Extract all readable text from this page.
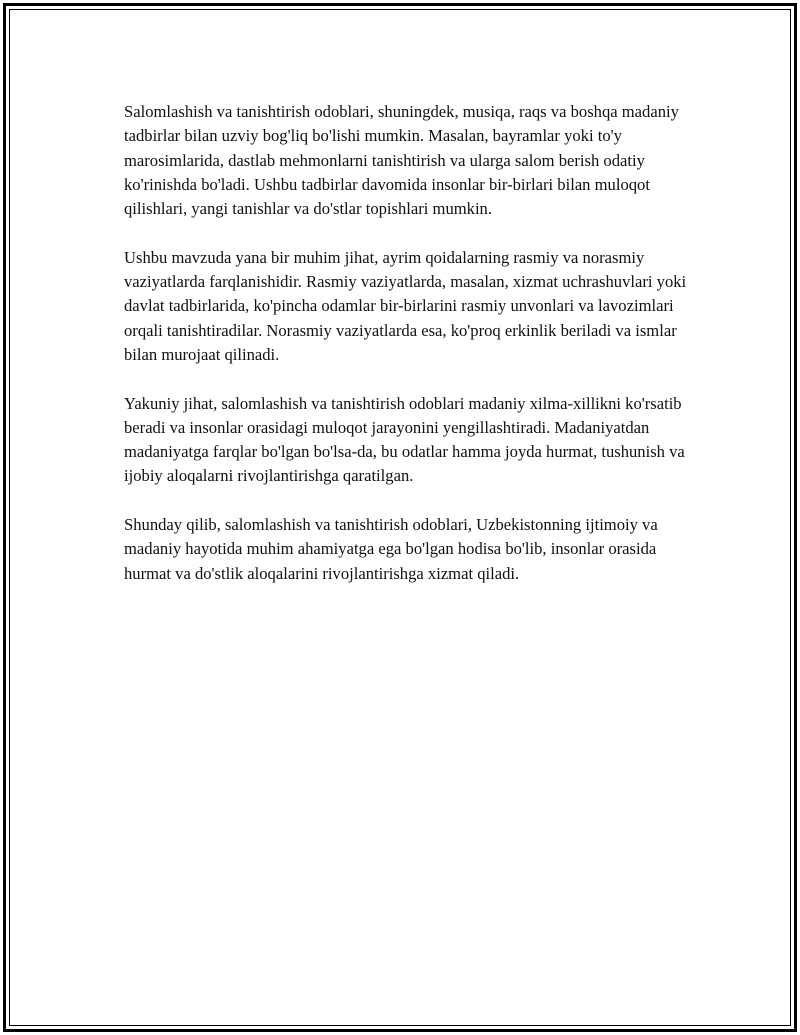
Salomlashish va tanishtirish odoblari, shuningdek, musiqa, raqs va boshqa madaniy tadbirlar bilan uzviy bog'liq bo'lishi mumkin. Masalan, bayramlar yoki to'y marosimlarida, dastlab mehmonlarni tanishtirish va ularga salom berish odatiy ko'rinishda bo'ladi. Ushbu tadbirlar davomida insonlar bir-birlari bilan muloqot qilishlari, yangi tanishlar va do'stlar topishlari mumkin.

Ushbu mavzuda yana bir muhim jihat, ayrim qoidalarning rasmiy va norasmiy vaziyatlarda farqlanishidir. Rasmiy vaziyatlarda, masalan, xizmat uchrashuvlari yoki davlat tadbirlarida, ko'pincha odamlar bir-birlarini rasmiy unvonlari va lavozimlari orqali tanishtiradilar. Norasmiy vaziyatlarda esa, ko'proq erkinlik beriladi va ismlar bilan murojaat qilinadi.

Yakuniy jihat, salomlashish va tanishtirish odoblari madaniy xilma-xillikni ko'rsatib beradi va insonlar orasidagi muloqot jarayonini yengillashtiradi. Madaniyatdan madaniyatga farqlar bo'lgan bo'lsa-da, bu odatlar hamma joyda hurmat, tushunish va ijobiy aloqalarni rivojlantirishga qaratilgan.

Shunday qilib, salomlashish va tanishtirish odoblari, Uzbekistonning ijtimoiy va madaniy hayotida muhim ahamiyatga ega bo'lgan hodisa bo'lib, insonlar orasida hurmat va do'stlik aloqalarini rivojlantirishga xizmat qiladi.
